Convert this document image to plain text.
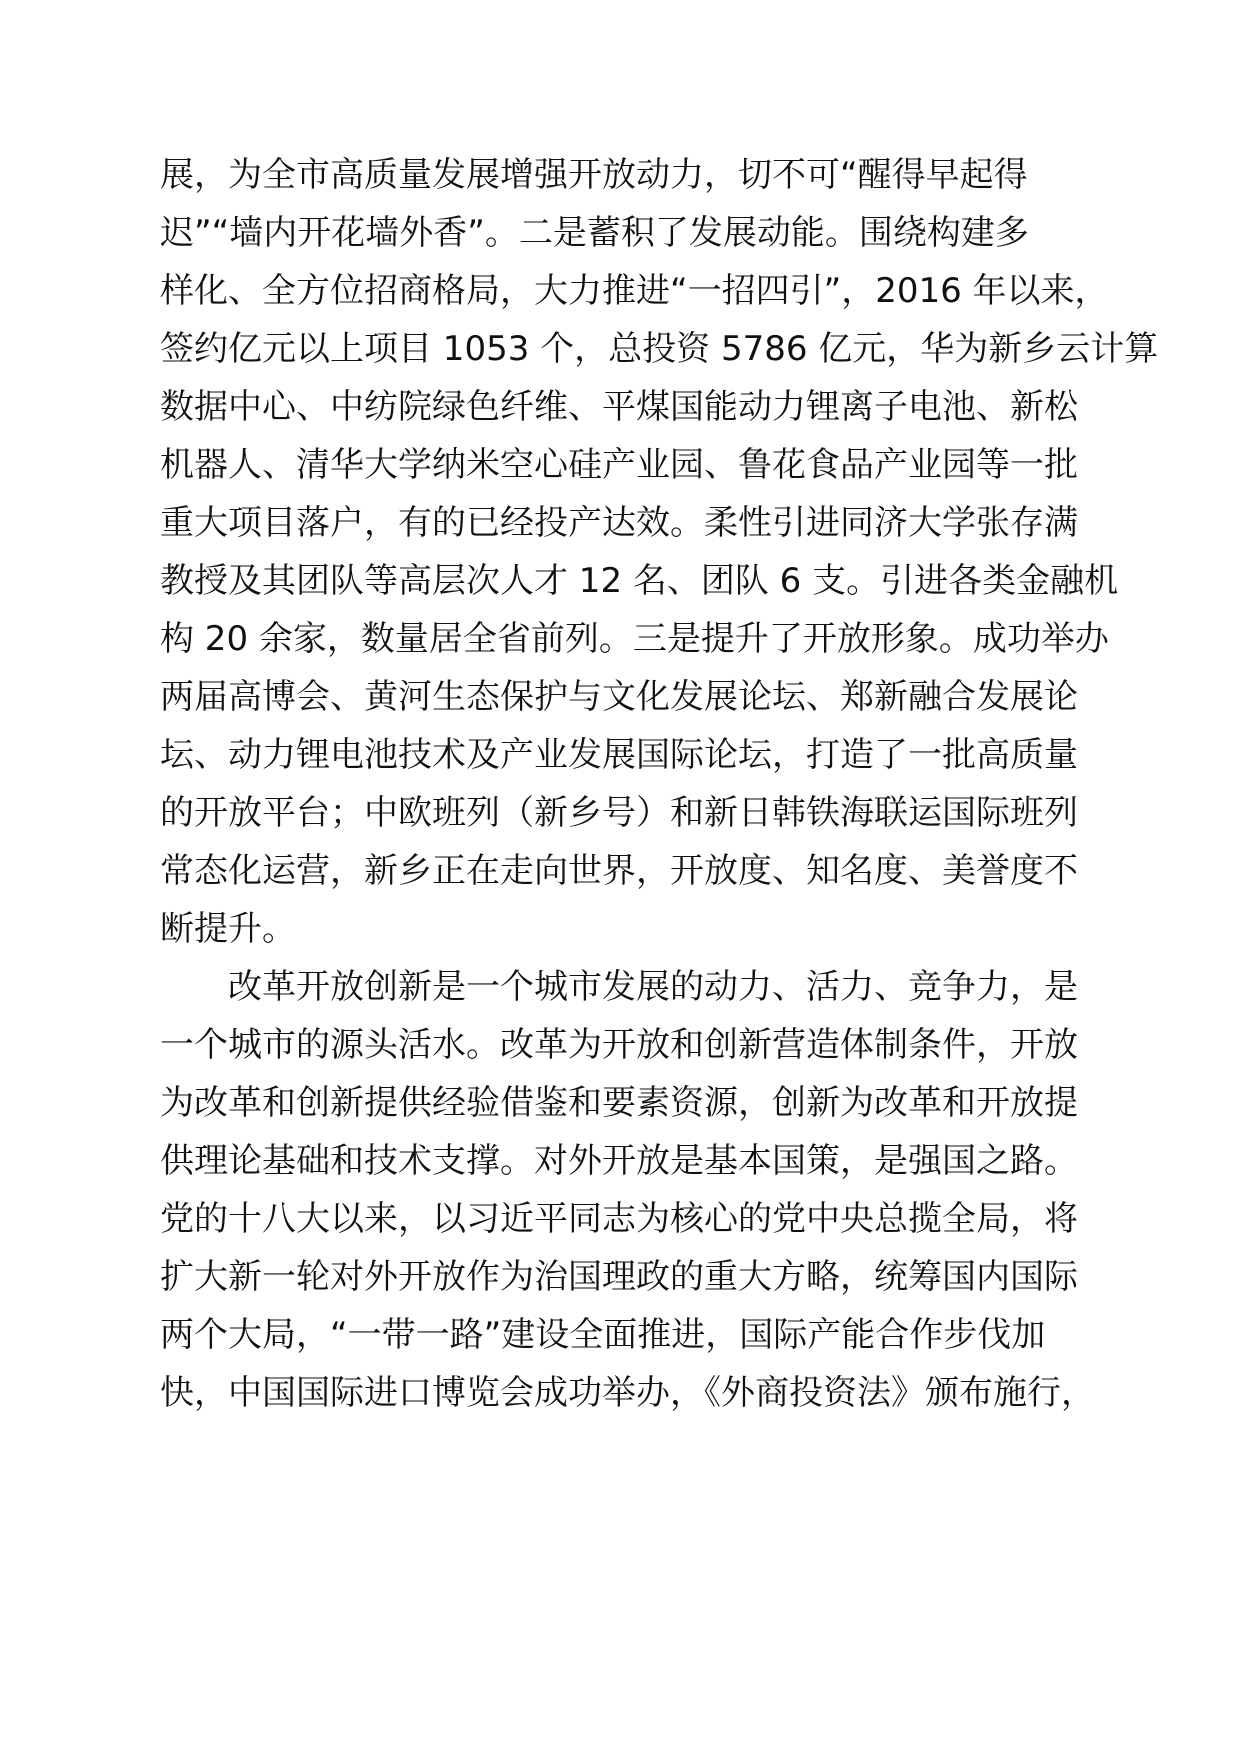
展，为全市高质量发展增强开放动力，切不可“醒得早起得
迟”“墙内开花墙外香”。二是蓄积了发展动能。围绕构建多
样化、全方位招商格局，大力推进“一招四引”，2016 年以来，
签约亿元以上项目 1053 个，总投资 5786 亿元，华为新乡云计算
数据中心、中纺院绿色纤维、平煤国能动力锂离子电池、新松
机器人、清华大学纳米空心硅产业园、鲁花食品产业园等一批
重大项目落户，有的已经投产达效。柔性引进同济大学张存满
教授及其团队等高层次人才 12 名、团队 6 支。引进各类金融机
构 20 余家，数量居全省前列。三是提升了开放形象。成功举办
两届高博会、黄河生态保护与文化发展论坛、郑新融合发展论
坛、动力锂电池技术及产业发展国际论坛，打造了一批高质量
的开放平台；中欧班列（新乡号）和新日韩铁海联运国际班列
常态化运营，新乡正在走向世界，开放度、知名度、美誉度不
断提升。
改革开放创新是一个城市发展的动力、活力、竞争力，是
一个城市的源头活水。改革为开放和创新营造体制条件，开放
为改革和创新提供经验借鉴和要素资源，创新为改革和开放提
供理论基础和技术支撑。对外开放是基本国策，是强国之路。
党的十八大以来，以习近平同志为核心的党中央总揽全局，将
扩大新一轮对外开放作为治国理政的重大方略，统筹国内国际
两个大局，“一带一路”建设全面推进，国际产能合作步伐加
快，中国国际进口博览会成功举办，《外商投资法》颁布施行，
